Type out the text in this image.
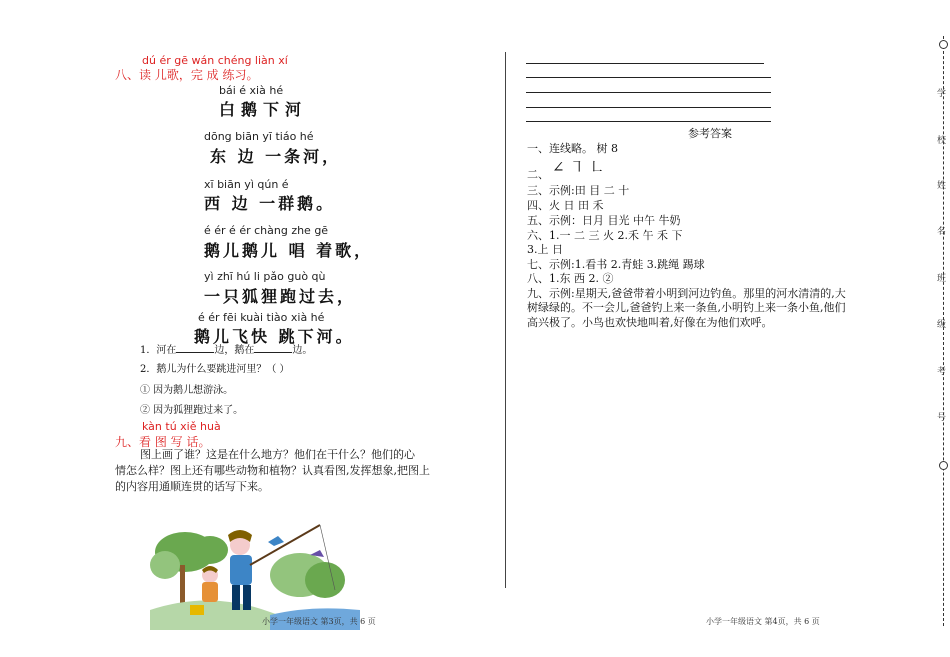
dú ér gē wán chéng liàn xí
八、读 儿歌，完 成 练习。
bái é xià hé
白鹅下河
dōng biān yī tiáo hé
东 边 一条河，
xī biān yì qún é
西 边 一群鹅。
é ér é ér chàng zhe gē
鹅儿鹅儿 唱 着歌，
yì zhī hú li pǎo guò qù
一只狐狸跑过去，
é ér fēi kuài tiào xià hé
鹅儿飞快 跳下河。
1．河在	边，鹅在	边。
2．鹅儿为什么要跳进河里？（ ）
① 因为鹅儿想游泳。
② 因为狐狸跑过来了。
kàn tú xiě huà
九、看 图 写 话。
图上画了谁？这是在什么地方？他们在干什么？他们的心
情怎么样？图上还有哪些动物和植物？认真看图,发挥想象,把图上
的内容用通顺连贯的话写下来。
小学一年级语文 第3页，共 6 页
参考答案
一、连线略。 树 8
二、 ∠ ㇕ ㇗
三、示例:田 目 二 十
四、火 日 田 禾
五、示例：日月 目光 中午 牛奶
六、1.一 二 三 火 2.禾 午 禾 下
3.上 日
七、示例:1.看书 2.青蛙 3.跳绳 踢球
八、1.东 西 2. ②
九、示例:星期天,爸爸带着小明到河边钓鱼。那里的河水清清的,大
树绿绿的。不一会儿,爸爸钓上来一条鱼,小明钓上来一条小鱼,他们
高兴极了。小鸟也欢快地叫着,好像在为他们欢呼。
小学一年级语文 第4页，共 6 页
学
校
姓
名
班
级
考
号
